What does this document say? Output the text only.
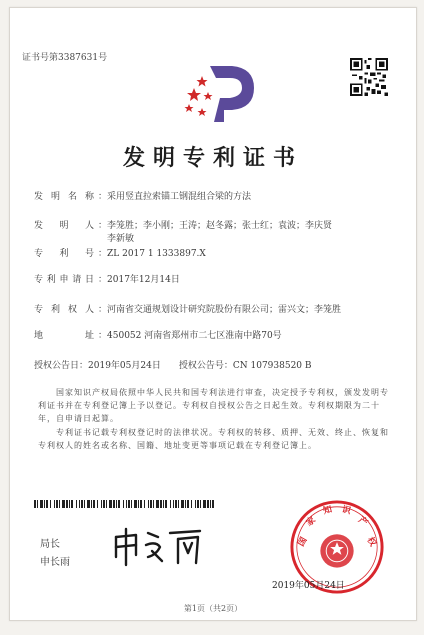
证书号第3387631号
发明专利证书
发明名称 ：采用竖直拉索锚工钢混组合梁的方法
发明人 ：李笼胜；李小刚；王涛；赵冬露；张士红；袁波；李庆贤
李新敏
专利号 ：ZL 2017 1 1333897.X
专利申请日 ：2017年12月14日
专利权人 ：河南省交通规划设计研究院股份有限公司；雷兴文；李笼胜
地址 ：450052 河南省郑州市二七区淮南中路70号
授权公告日：2019年05月24日 授权公告号：CN 107938520 B
国家知识产权局依照中华人民共和国专利法进行审查，决定授予专利权，颁发发明专利证书并在专利登记簿上予以登记。专利权自授权公告之日起生效。专利权期限为二十年，自申请日起算。
专利证书记载专利权登记时的法律状况。专利权的转移、质押、无效、终止、恢复和专利权人的姓名或名称、国籍、地址变更等事项记载在专利登记簿上。
局长
申长雨
国
家
知 识
产
权
2019年05月24日
第1页（共2页）
